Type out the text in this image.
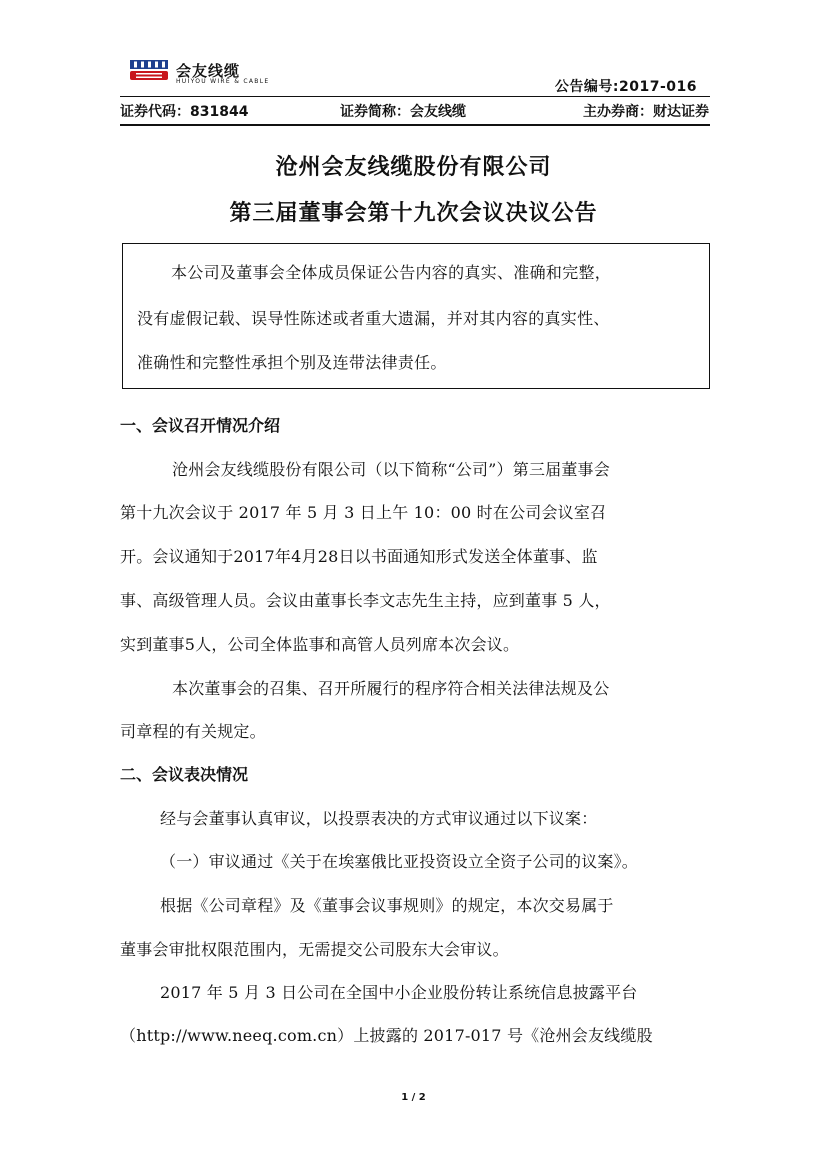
会友线缆
HUIYOU WIRE & CABLE	公告编号:2017-016
证券代码：831844	证券简称：会友线缆	主办券商：财达证券
沧州会友线缆股份有限公司
第三届董事会第十九次会议决议公告
本公司及董事会全体成员保证公告内容的真实、准确和完整，
没有虚假记载、误导性陈述或者重大遗漏，并对其内容的真实性、
准确性和完整性承担个别及连带法律责任。
一、会议召开情况介绍
沧州会友线缆股份有限公司（以下简称“公司”）第三届董事会
第十九次会议于 2017 年 5 月 3 日上午 10：00 时在公司会议室召
开。会议通知于2017年4月28日以书面通知形式发送全体董事、监
事、高级管理人员。会议由董事长李文志先生主持，应到董事 5 人，
实到董事5人，公司全体监事和高管人员列席本次会议。
本次董事会的召集、召开所履行的程序符合相关法律法规及公
司章程的有关规定。
二、会议表决情况
经与会董事认真审议，以投票表决的方式审议通过以下议案：
（一）审议通过《关于在埃塞俄比亚投资设立全资子公司的议案》。
根据《公司章程》及《董事会议事规则》的规定，本次交易属于
董事会审批权限范围内，无需提交公司股东大会审议。
2017 年 5 月 3 日公司在全国中小企业股份转让系统信息披露平台
（http://www.neeq.com.cn）上披露的 2017-017 号《沧州会友线缆股
1 / 2
